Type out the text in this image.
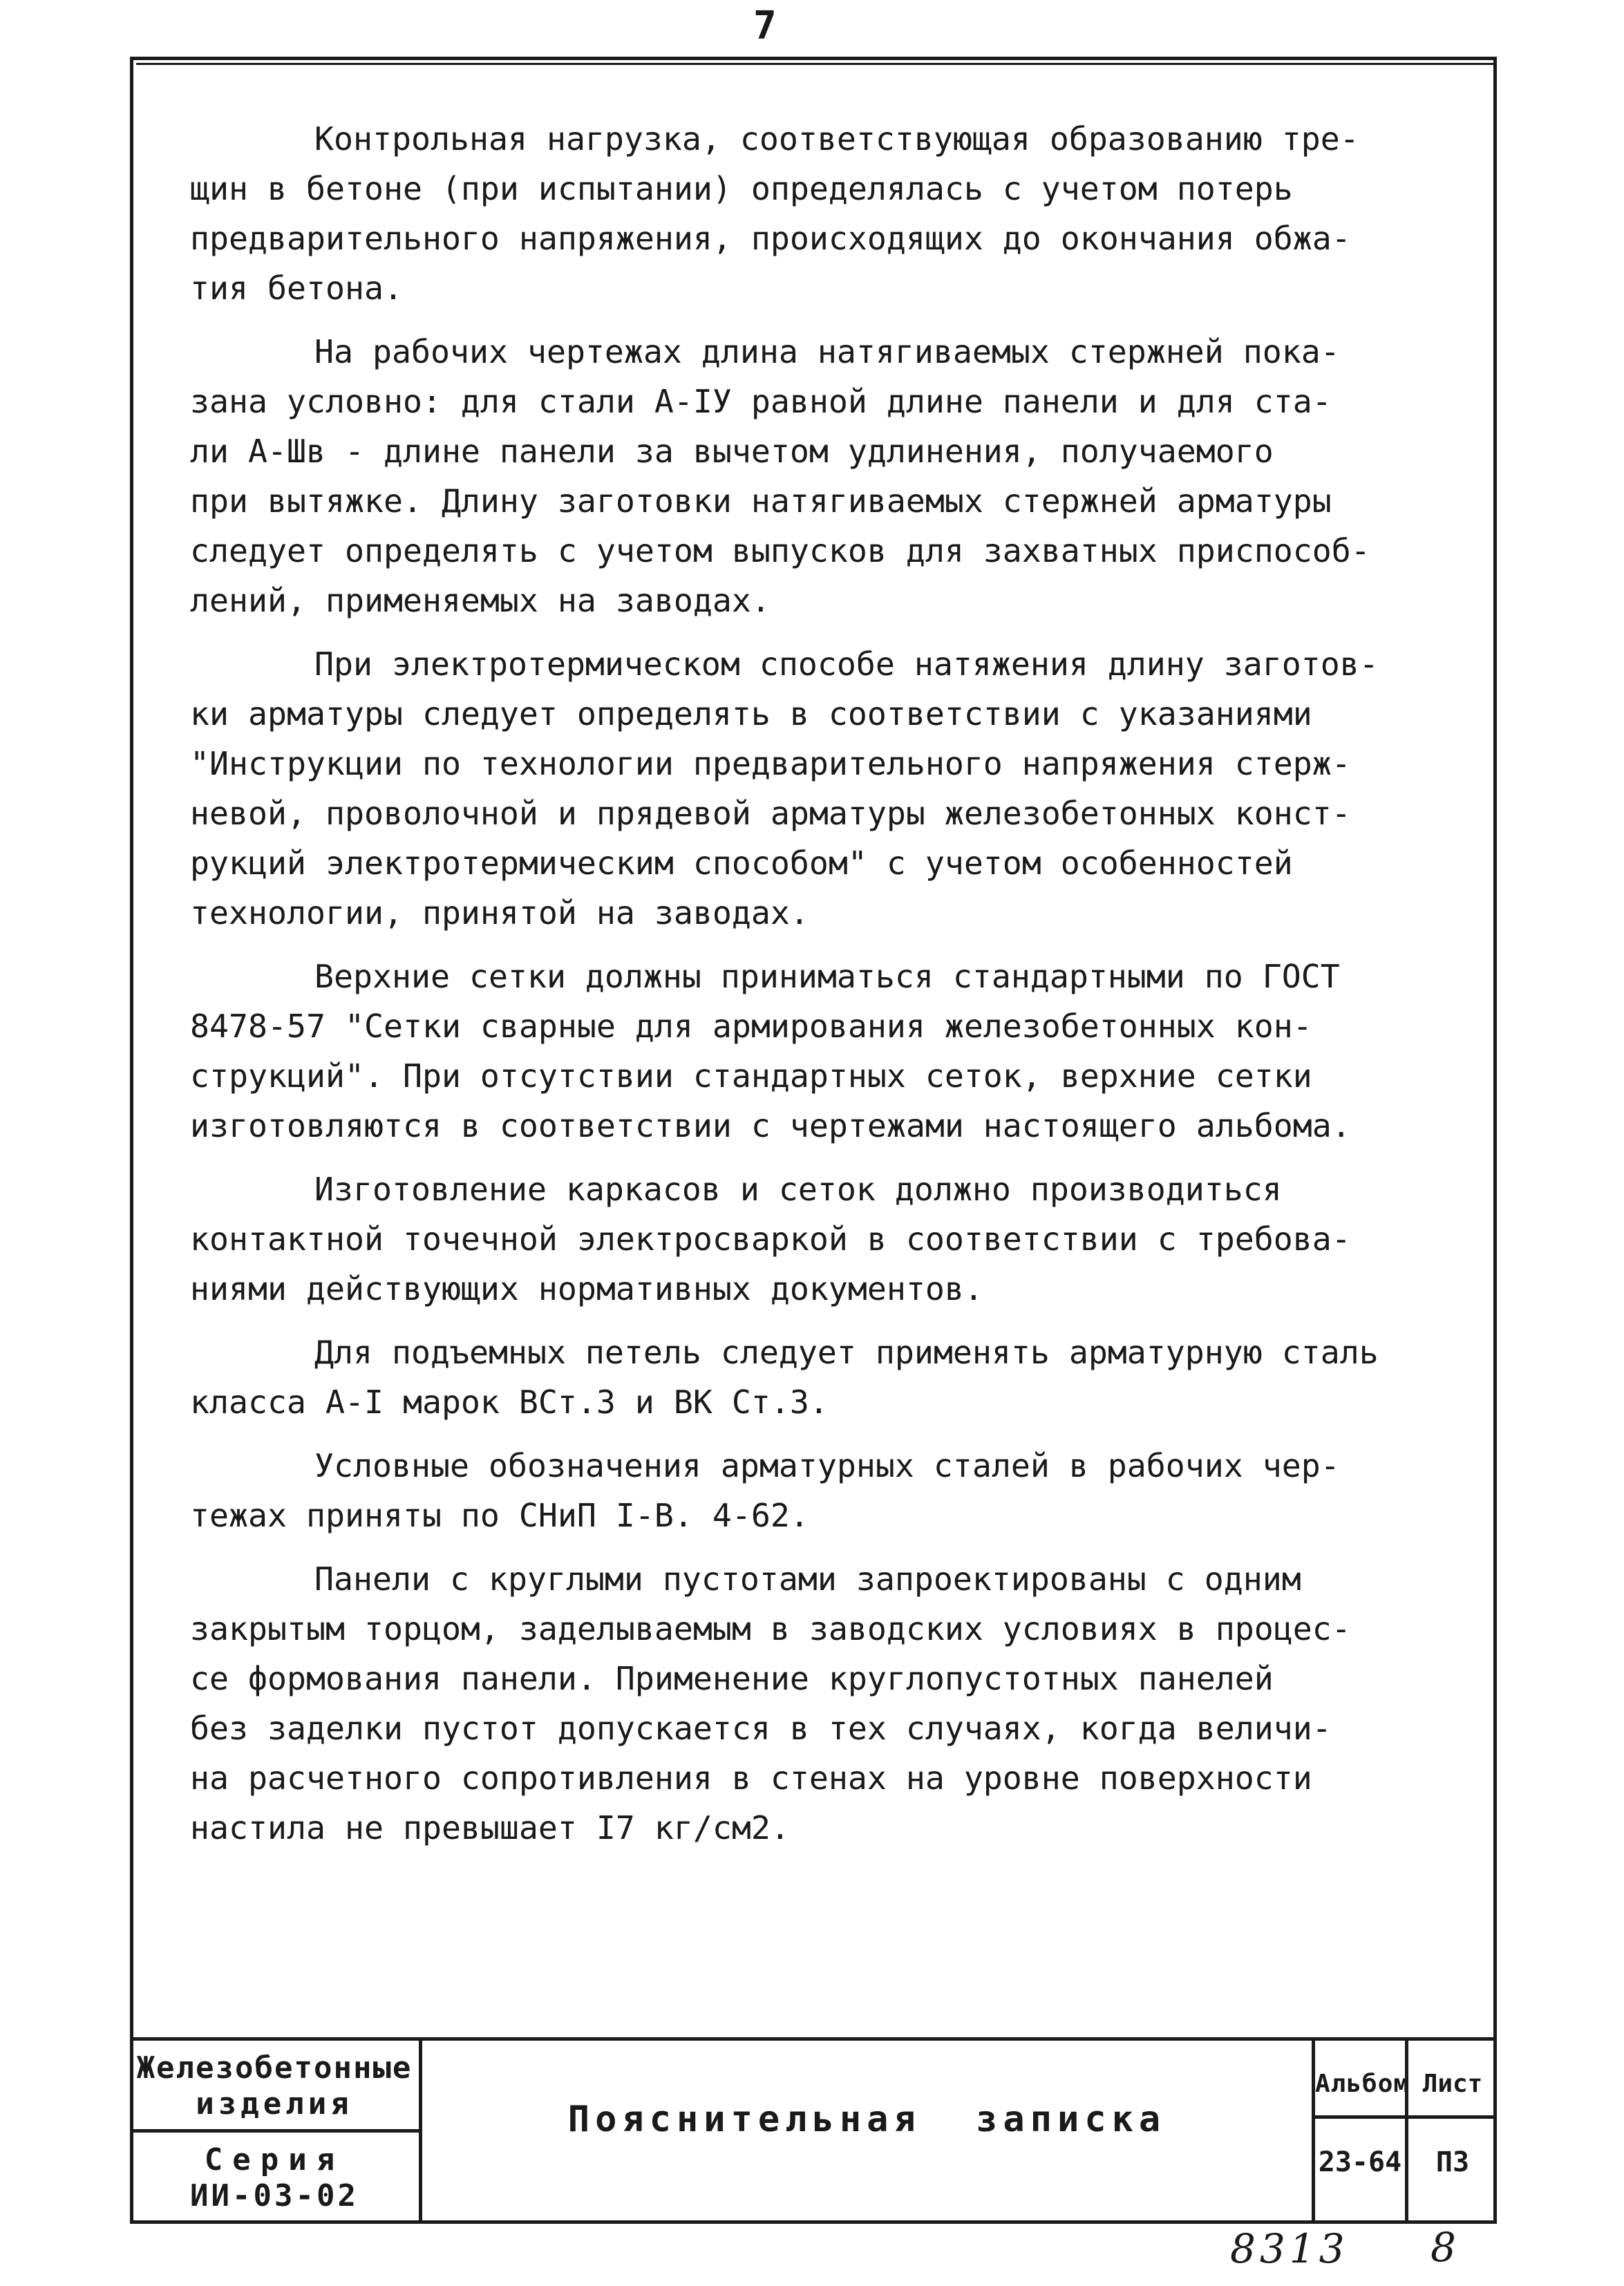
7
Контрольная нагрузка, соответствующая образованию тре-
щин в бетоне (при испытании) определялась с учетом потерь
предварительного напряжения, происходящих до окончания обжа-
тия бетона.
На рабочих чертежах длина натягиваемых стержней пока-
зана условно: для стали А-IУ равной длине панели и для ста-
ли А-Шв - длине панели за вычетом удлинения, получаемого
при вытяжке. Длину заготовки натягиваемых стержней арматуры
следует определять с учетом выпусков для захватных приспособ-
лений, применяемых на заводах.
При электротермическом способе натяжения длину заготов-
ки арматуры следует определять в соответствии с указаниями
"Инструкции по технологии предварительного напряжения стерж-
невой, проволочной и прядевой арматуры железобетонных конст-
рукций электротермическим способом" с учетом особенностей
технологии, принятой на заводах.
Верхние сетки должны приниматься стандартными по ГОСТ
8478-57 "Сетки сварные для армирования железобетонных кон-
струкций". При отсутствии стандартных сеток, верхние сетки
изготовляются в соответствии с чертежами настоящего альбома.
Изготовление каркасов и сеток должно производиться
контактной точечной электросваркой в соответствии с требова-
ниями действующих нормативных документов.
Для подъемных петель следует применять арматурную сталь
класса А-I марок ВСт.3 и ВК Ст.3.
Условные обозначения арматурных сталей в рабочих чер-
тежах приняты по СНиП I-В. 4-62.
Панели с круглыми пустотами запроектированы с одним
закрытым торцом, заделываемым в заводских условиях в процес-
се формования панели. Применение круглопустотных панелей
без заделки пустот допускается в тех случаях, когда величи-
на расчетного сопротивления в стенах на уровне поверхности
настила не превышает I7 кг/см2.
Железобетонные
изделия
Серия
ИИ-03-02
Пояснительная записка
Альбом
23-64
Лист
П3
8313 8
